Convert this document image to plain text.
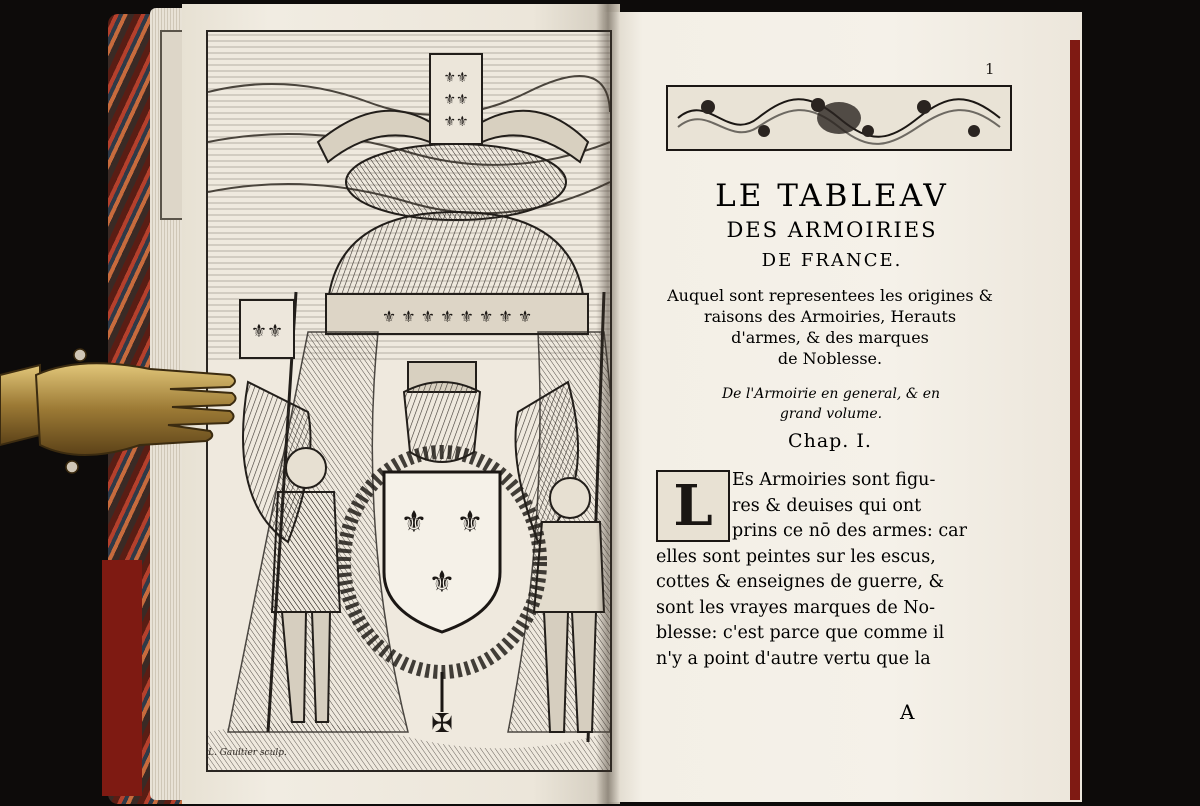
⚜⚜
⚜⚜
⚜⚜
⚜ ⚜ ⚜ ⚜ ⚜ ⚜ ⚜ ⚜
⚜⚜
⚜ ⚜
⚜
✠
L. Gaultier sculp.
1
LE TABLEAV
DES ARMOIRIES
DE FRANCE.
Auquel sont representees les origines &
raisons des Armoiries, Herauts
d'armes, & des marques
de Noblesse.
De l'Armoirie en general, & en
grand volume.
Chap. I.
L	Es Armoiries sont figu-
res & deuises qui ont
prins ce nō des armes: car
elles sont peintes sur les escus,
cottes & enseignes de guerre, &
sont les vrayes marques de No-
blesse: c'est parce que comme il
n'y a point d'autre vertu que la
A
